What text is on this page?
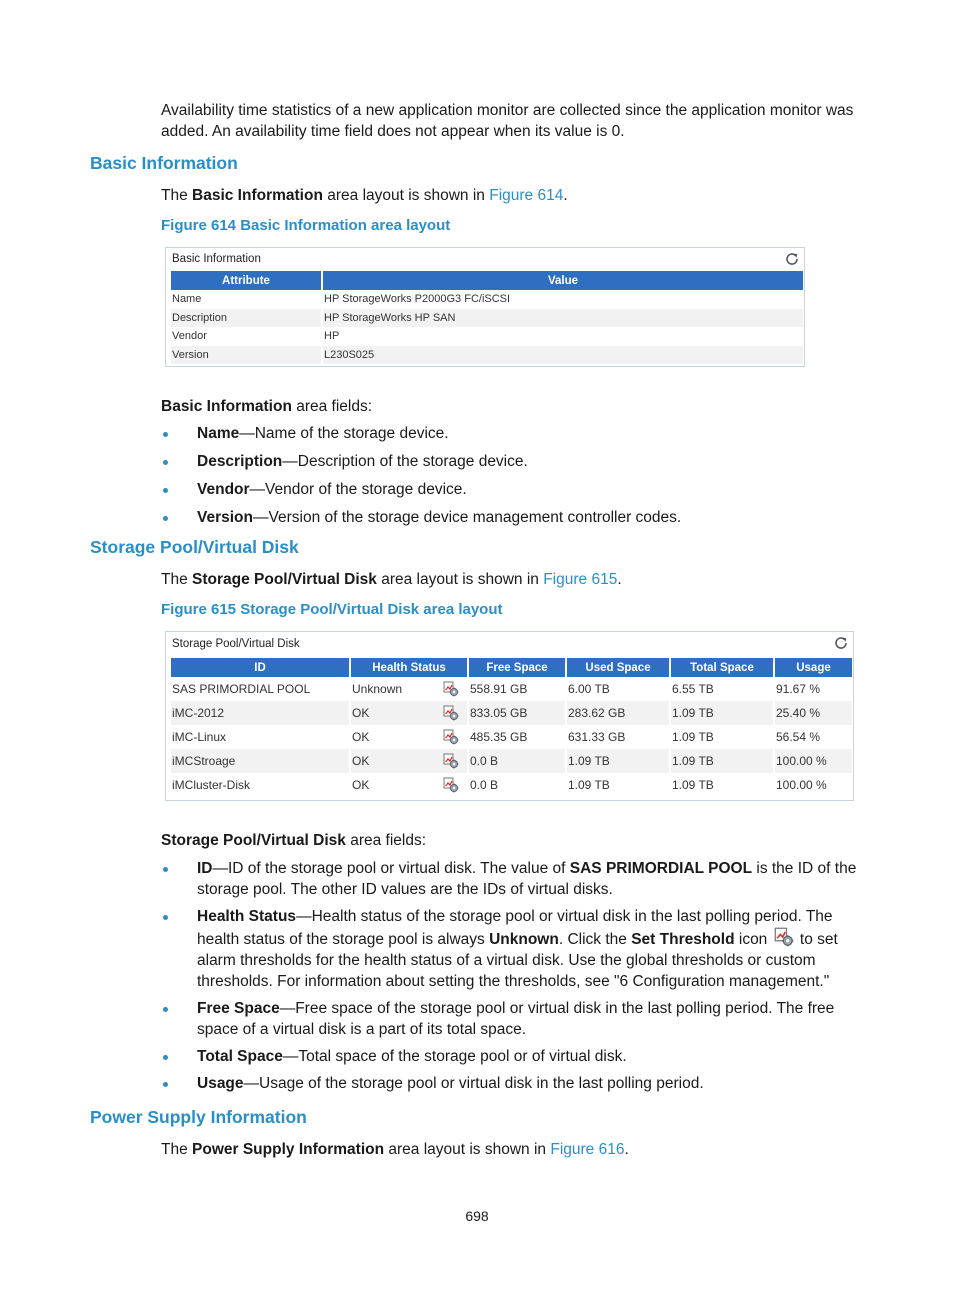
Availability time statistics of a new application monitor are collected since the application monitor was added. An availability time field does not appear when its value is 0.

Basic Information

The Basic Information area layout is shown in Figure 614.

Figure 614 Basic Information area layout

Basic Information
Attribute	Value
Name	HP StorageWorks P2000G3 FC/iSCSI
Description	HP StorageWorks HP SAN
Vendor	HP
Version	L230S025

Basic Information area fields:

Name—Name of the storage device.
Description—Description of the storage device.
Vendor—Vendor of the storage device.
Version—Version of the storage device management controller codes.
Storage Pool/Virtual Disk

The Storage Pool/Virtual Disk area layout is shown in Figure 615.

Figure 615 Storage Pool/Virtual Disk area layout

Storage Pool/Virtual Disk
ID	Health Status	Free Space	Used Space	Total Space	Usage
SAS PRIMORDIAL POOL	Unknown	558.91 GB	6.00 TB	6.55 TB	91.67 %
iMC-2012	OK	833.05 GB	283.62 GB	1.09 TB	25.40 %
iMC-Linux	OK	485.35 GB	631.33 GB	1.09 TB	56.54 %
iMCStroage	OK	0.0 B	1.09 TB	1.09 TB	100.00 %
iMCluster-Disk	OK	0.0 B	1.09 TB	1.09 TB	100.00 %

Storage Pool/Virtual Disk area fields:

ID—ID of the storage pool or virtual disk. The value of SAS PRIMORDIAL POOL is the ID of the storage pool. The other ID values are the IDs of virtual disks.
Health Status—Health status of the storage pool or virtual disk in the last polling period. The health status of the storage pool is always Unknown. Click the Set Threshold icon  to set alarm thresholds for the health status of a virtual disk. Use the global thresholds or custom thresholds. For information about setting the thresholds, see "6 Configuration management."
Free Space—Free space of the storage pool or virtual disk in the last polling period. The free space of a virtual disk is a part of its total space.
Total Space—Total space of the storage pool or of virtual disk.
Usage—Usage of the storage pool or virtual disk in the last polling period.
Power Supply Information

The Power Supply Information area layout is shown in Figure 616.

698
